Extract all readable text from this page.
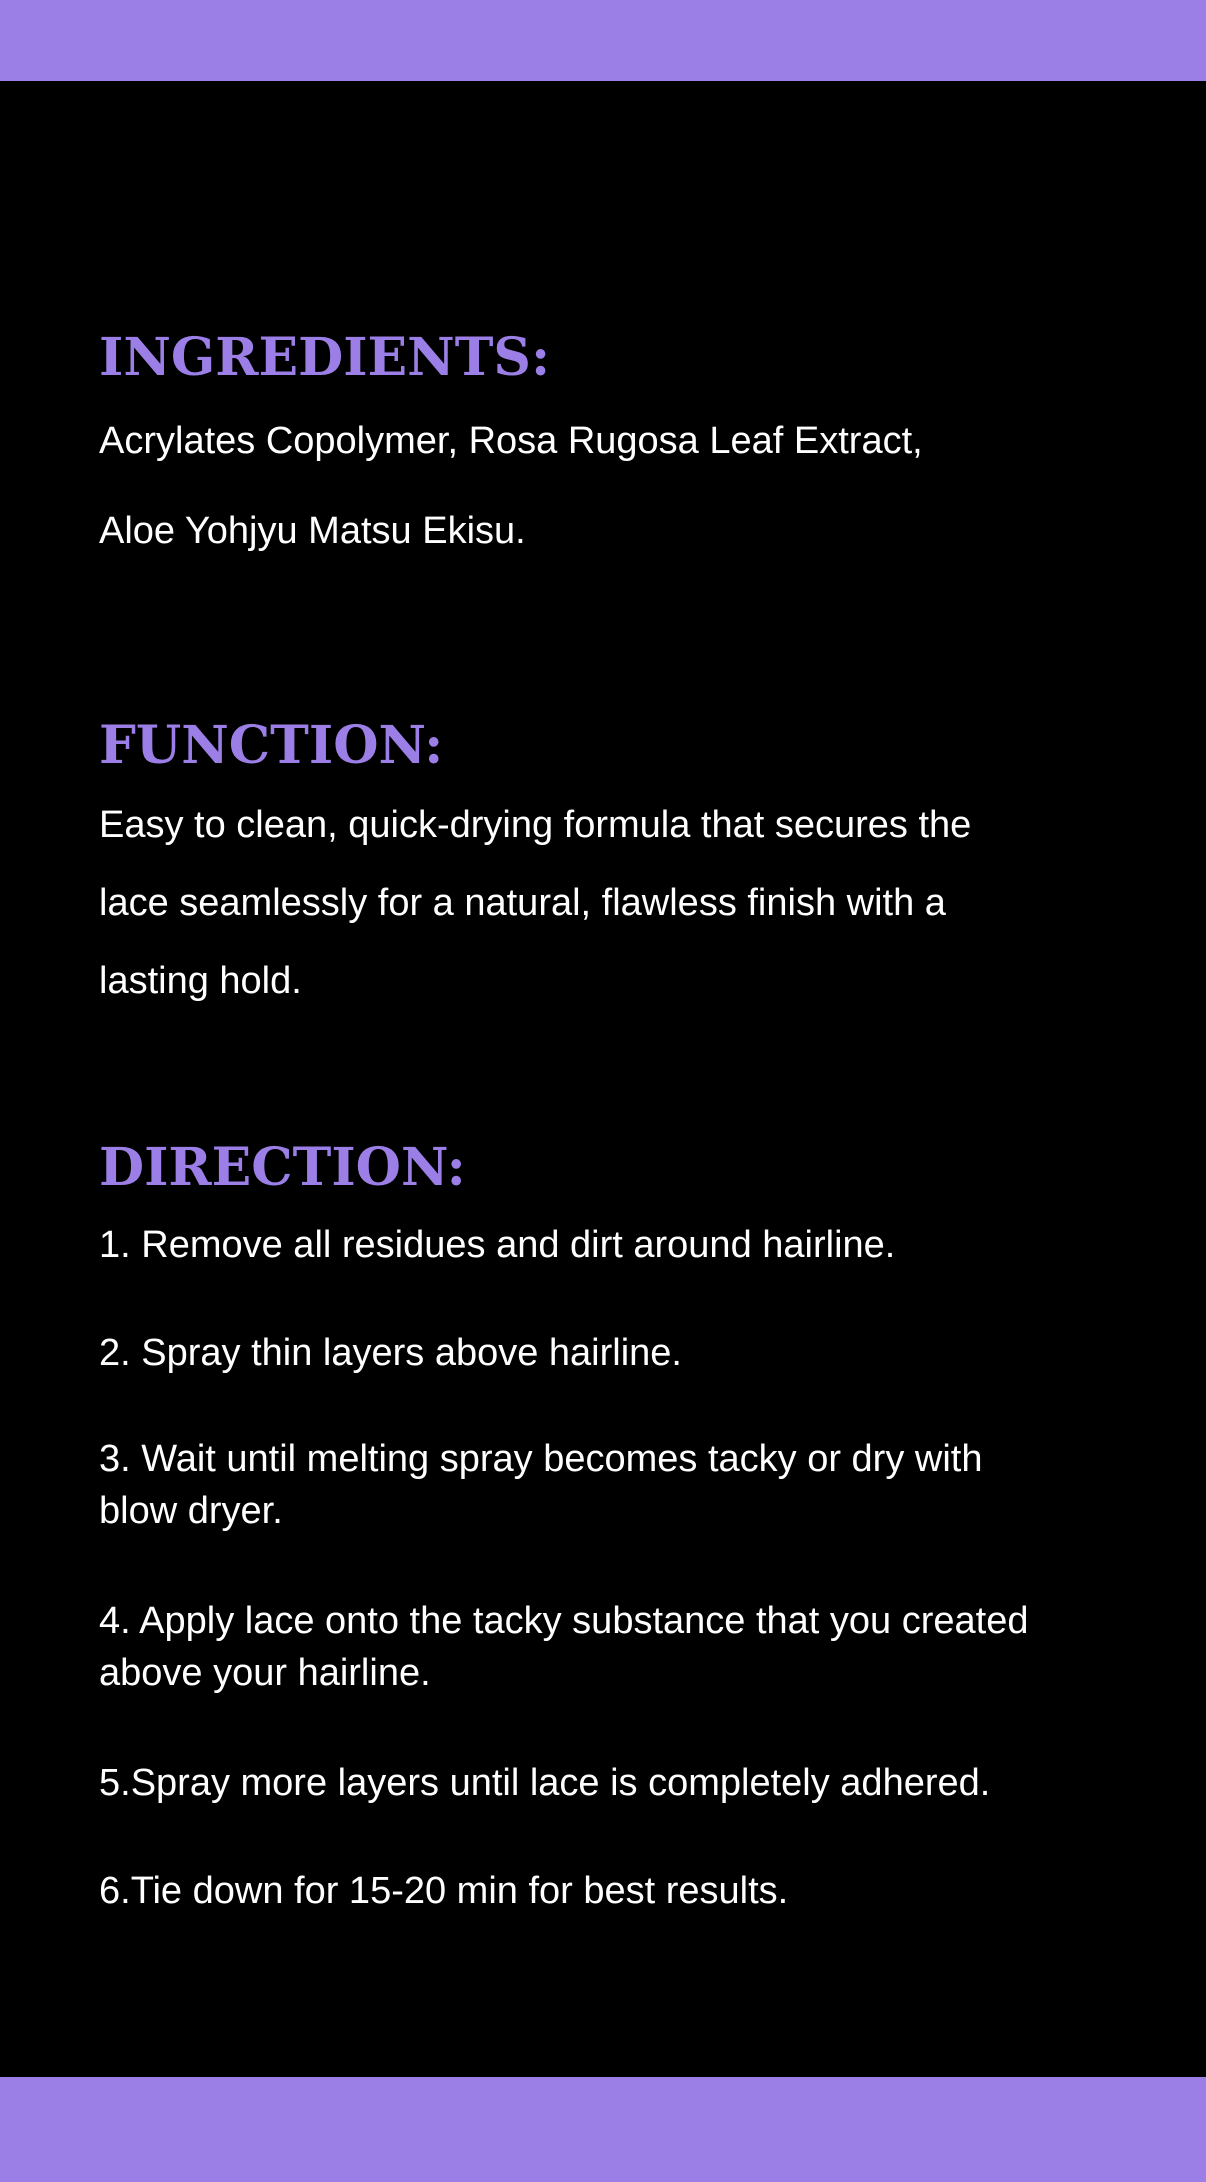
INGREDIENTS:

Acrylates Copolymer, Rosa Rugosa Leaf Extract,

Aloe Yohjyu Matsu Ekisu.

FUNCTION:

Easy to clean, quick-drying formula that secures the

lace seamlessly for a natural, flawless finish with a

lasting hold.

DIRECTION:

1. Remove all residues and dirt around hairline.

2. Spray thin layers above hairline.

3. Wait until melting spray becomes tacky or dry with
blow dryer.
4. Apply lace onto the tacky substance that you created
above your hairline.

5.Spray more layers until lace is completely adhered.

6.Tie down for 15-20 min for best results.
